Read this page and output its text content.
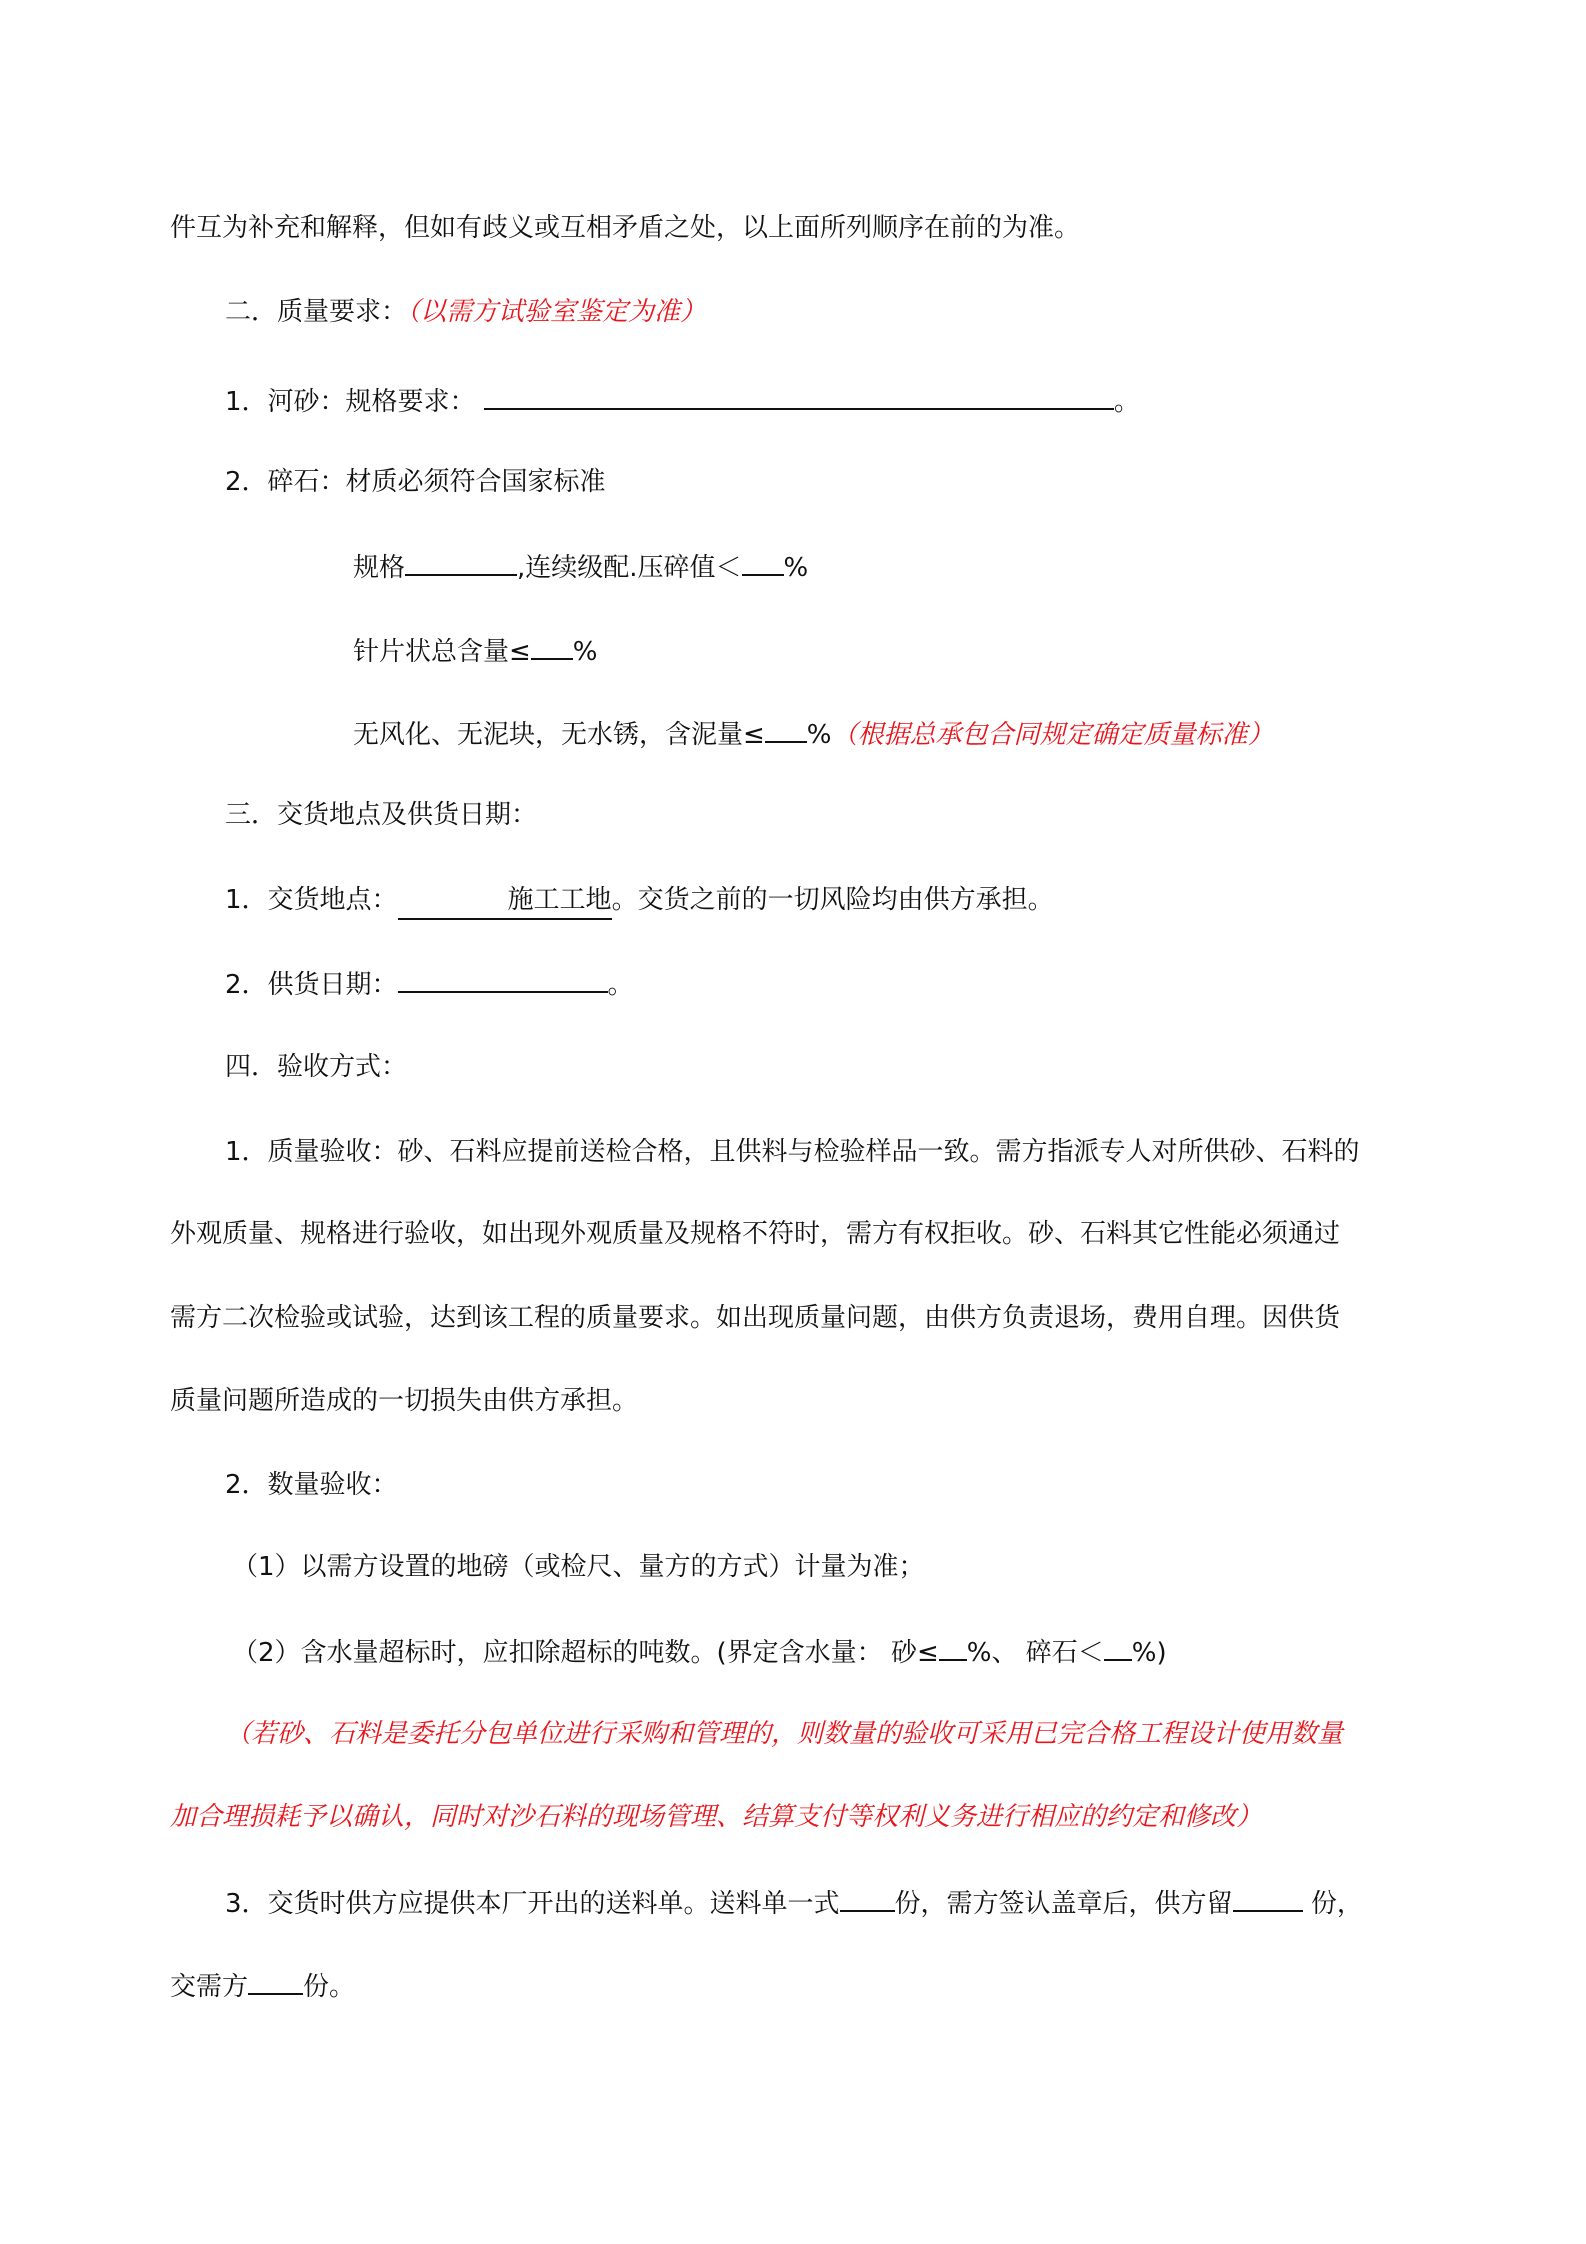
件互为补充和解释，但如有歧义或互相矛盾之处，以上面所列顺序在前的为准。
二．质量要求：（以需方试验室鉴定为准）
1．河砂：规格要求：	。
2．碎石：材质必须符合国家标准
规格	,连续级配.压碎值＜ %
针片状总含量≤ %
无风化、无泥块，无水锈，含泥量≤ %（根据总承包合同规定确定质量标准）
三．交货地点及供货日期：
1．交货地点：	施工工地。交货之前的一切风险均由供方承担。
2．供货日期：	。
四．验收方式：
1．质量验收：砂、石料应提前送检合格，且供料与检验样品一致。需方指派专人对所供砂、石料的
外观质量、规格进行验收，如出现外观质量及规格不符时，需方有权拒收。砂、石料其它性能必须通过
需方二次检验或试验，达到该工程的质量要求。如出现质量问题，由供方负责退场，费用自理。因供货
质量问题所造成的一切损失由供方承担。
2．数量验收：
（1）以需方设置的地磅（或检尺、量方的方式）计量为准；
（2）含水量超标时，应扣除超标的吨数。(界定含水量： 砂≤ %、 碎石＜ %)
（若砂、石料是委托分包单位进行采购和管理的，则数量的验收可采用已完合格工程设计使用数量
加合理损耗予以确认，同时对沙石料的现场管理、结算支付等权利义务进行相应的约定和修改）
3．交货时供方应提供本厂开出的送料单。送料单一式 份，需方签认盖章后，供方留	份，
交需方 份。
